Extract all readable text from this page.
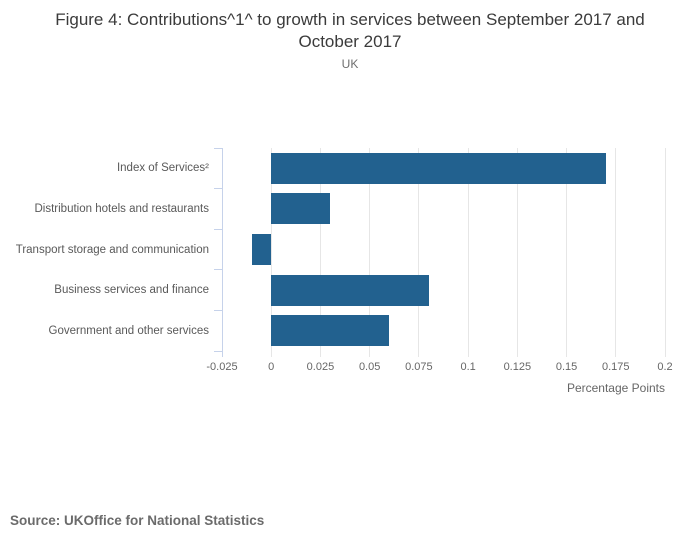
Figure 4: Contributions^1^ to growth in services between September 2017 and October 2017
UK
-0.025	0	0.025	0.05	0.075	0.1	0.125	0.15	0.175	0.2
Index of Services²
Distribution hotels and restaurants
Transport storage and communication
Business services and finance
Government and other services
Percentage Points
Source: UKOffice for National Statistics
